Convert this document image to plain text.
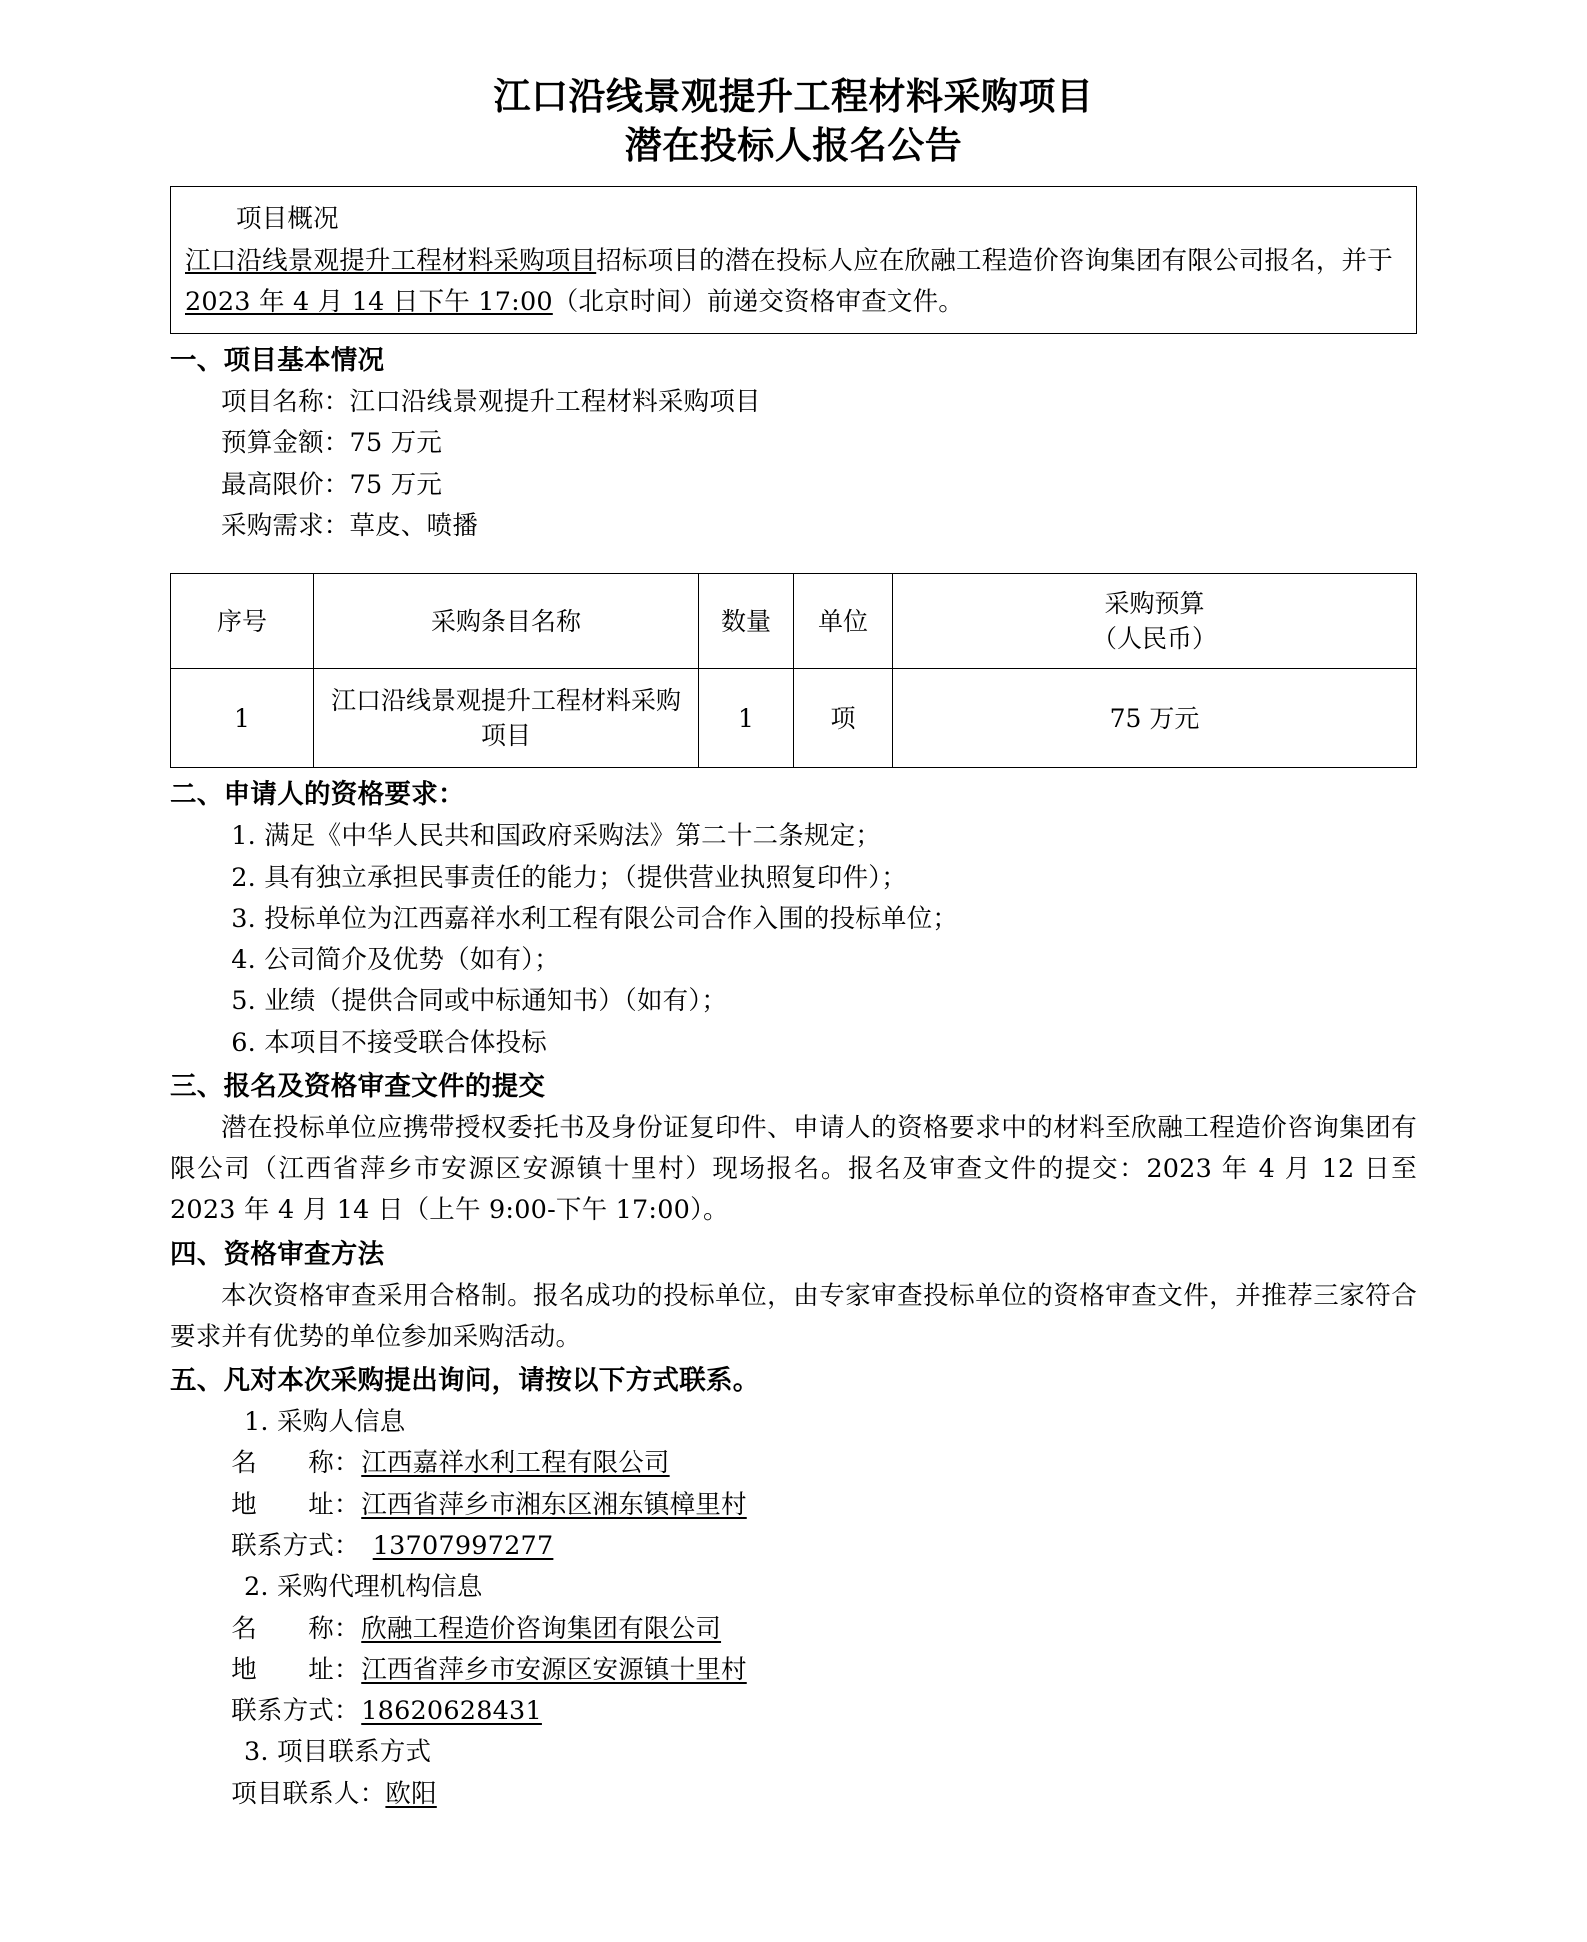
江口沿线景观提升工程材料采购项目
潜在投标人报名公告
项目概况
江口沿线景观提升工程材料采购项目招标项目的潜在投标人应在欣融工程造价咨询集团有限公司报名，并于 2023 年 4 月 14 日下午 17:00（北京时间）前递交资格审查文件。
一、项目基本情况
项目名称：江口沿线景观提升工程材料采购项目
预算金额：75 万元
最高限价：75 万元
采购需求：草皮、喷播
序号	采购条目名称	数量	单位	采购预算
（人民币）

1	江口沿线景观提升工程材料采购项目	1	项	75 万元
二、申请人的资格要求：
1. 满足《中华人民共和国政府采购法》第二十二条规定；
2. 具有独立承担民事责任的能力；（提供营业执照复印件）；
3. 投标单位为江西嘉祥水利工程有限公司合作入围的投标单位；
4. 公司简介及优势（如有）；
5. 业绩（提供合同或中标通知书）（如有）；
6. 本项目不接受联合体投标
三、报名及资格审查文件的提交
潜在投标单位应携带授权委托书及身份证复印件、申请人的资格要求中的材料至欣融工程造价咨询集团有限公司（江西省萍乡市安源区安源镇十里村）现场报名。报名及审查文件的提交：2023 年 4 月 12 日至 2023 年 4 月 14 日（上午 9:00-下午 17:00）。
四、资格审查方法
本次资格审查采用合格制。报名成功的投标单位，由专家审查投标单位的资格审查文件，并推荐三家符合要求并有优势的单位参加采购活动。
五、凡对本次采购提出询问，请按以下方式联系。
1. 采购人信息
名　　称：江西嘉祥水利工程有限公司
地　　址：江西省萍乡市湘东区湘东镇樟里村
联系方式： 13707997277
2. 采购代理机构信息
名　　称：欣融工程造价咨询集团有限公司
地　　址：江西省萍乡市安源区安源镇十里村
联系方式：18620628431
3. 项目联系方式
项目联系人：欧阳
